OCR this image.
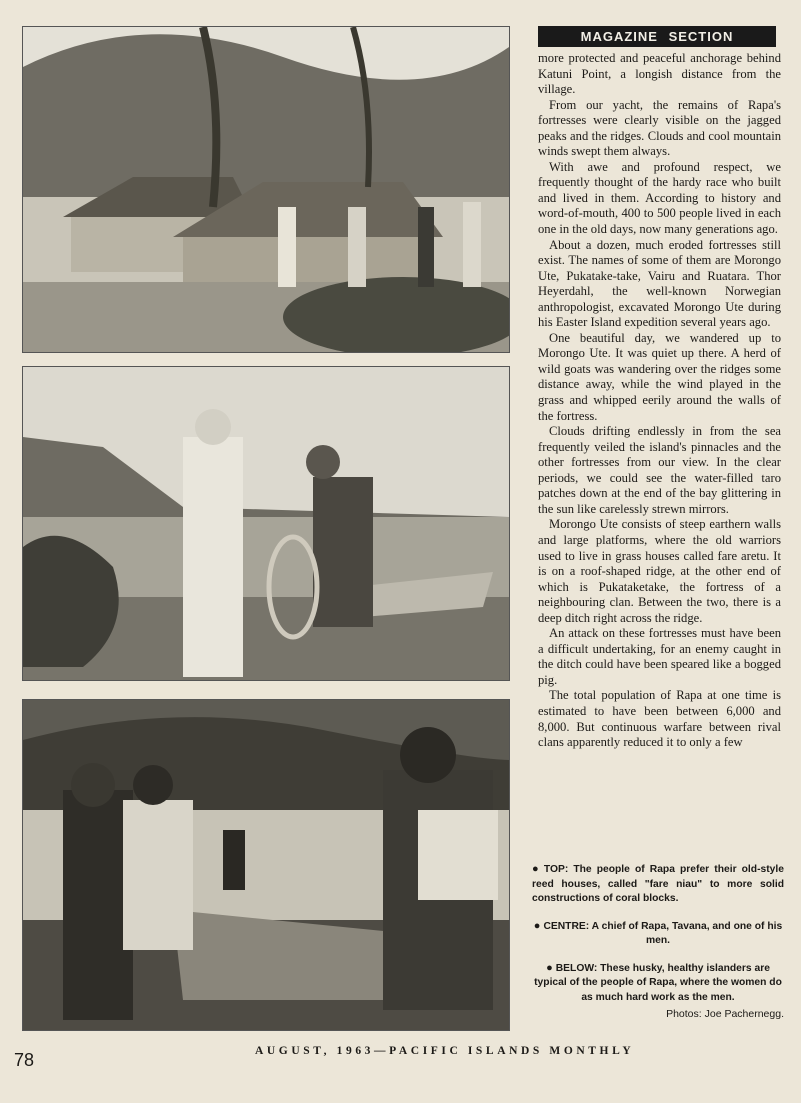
MAGAZINE SECTION

more protected and peaceful anchorage behind Katuni Point, a longish distance from the village.

From our yacht, the remains of Rapa's fortresses were clearly visible on the jagged peaks and the ridges. Clouds and cool mountain winds swept them always.

With awe and profound respect, we frequently thought of the hardy race who built and lived in them. According to history and word-of-mouth, 400 to 500 people lived in each one in the old days, now many generations ago.

About a dozen, much eroded fortresses still exist. The names of some of them are Morongo Ute, Pukatake-take, Vairu and Ruatara. Thor Heyerdahl, the well-known Norwegian anthropologist, excavated Morongo Ute during his Easter Island expedition several years ago.

One beautiful day, we wandered up to Morongo Ute. It was quiet up there. A herd of wild goats was wandering over the ridges some distance away, while the wind played in the grass and whipped eerily around the walls of the fortress.

Clouds drifting endlessly in from the sea frequently veiled the island's pinnacles and the other fortresses from our view. In the clear periods, we could see the water-filled taro patches down at the end of the bay glittering in the sun like carelessly strewn mirrors.

Morongo Ute consists of steep earthern walls and large platforms, where the old warriors used to live in grass houses called fare aretu. It is on a roof-shaped ridge, at the other end of which is Pukataketake, the fortress of a neighbouring clan. Between the two, there is a deep ditch right across the ridge.

An attack on these fortresses must have been a difficult undertaking, for an enemy caught in the ditch could have been speared like a bogged pig.

The total population of Rapa at one time is estimated to have been between 6,000 and 8,000. But continuous warfare between rival clans apparently reduced it to only a few

● TOP: The people of Rapa prefer their old-style reed houses, called "fare niau" to more solid constructions of coral blocks.

● CENTRE: A chief of Rapa, Tavana, and one of his men.

● BELOW: These husky, healthy islanders are typical of the people of Rapa, where the women do as much hard work as the men.

Photos: Joe Pachernegg.
78	AUGUST, 1963—PACIFIC ISLANDS MONTHLY
